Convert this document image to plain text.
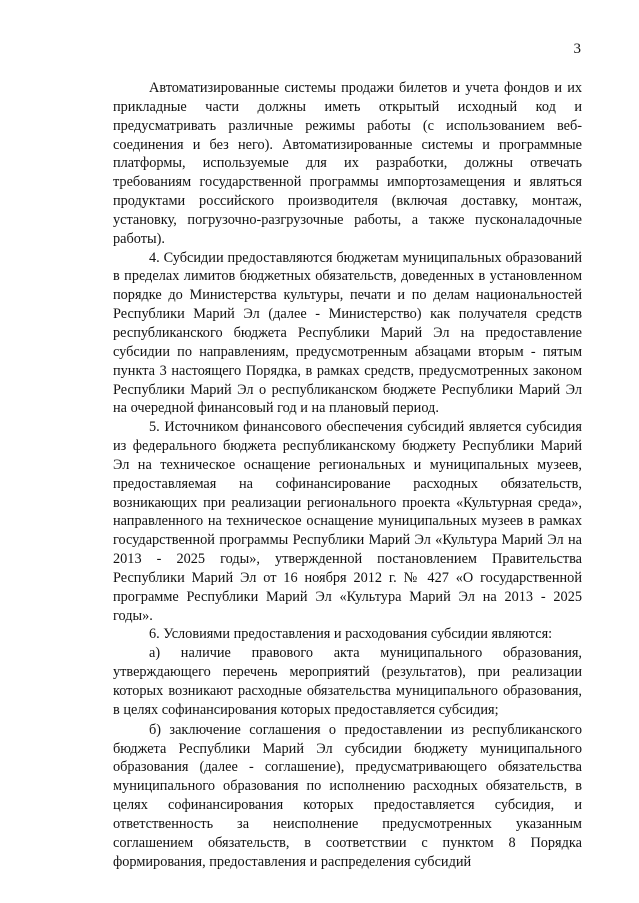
3

Автоматизированные системы продажи билетов и учета фондов и их прикладные части должны иметь открытый исходный код и предусматривать различные режимы работы (с использованием веб-соединения и без него). Автоматизированные системы и программные платформы, используемые для их разработки, должны отвечать требованиям государственной программы импортозамещения и являться продуктами российского производителя (включая доставку, монтаж, установку, погрузочно-разгрузочные работы, а также пусконаладочные работы).

4. Субсидии предоставляются бюджетам муниципальных образований в пределах лимитов бюджетных обязательств, доведенных в установленном порядке до Министерства культуры, печати и по делам национальностей Республики Марий Эл (далее - Министерство) как получателя средств республиканского бюджета Республики Марий Эл на предоставление субсидии по направлениям, предусмотренным абзацами вторым - пятым пункта 3 настоящего Порядка, в рамках средств, предусмотренных законом Республики Марий Эл о республиканском бюджете Республики Марий Эл на очередной финансовый год и на плановый период.

5. Источником финансового обеспечения субсидий является субсидия из федерального бюджета республиканскому бюджету Республики Марий Эл на техническое оснащение региональных и муниципальных музеев, предоставляемая на софинансирование расходных обязательств, возникающих при реализации регионального проекта «Культурная среда», направленного на техническое оснащение муниципальных музеев в рамках государственной программы Республики Марий Эл «Культура Марий Эл на 2013 - 2025 годы», утвержденной постановлением Правительства Республики Марий Эл от 16 ноября 2012 г. № 427 «О государственной программе Республики Марий Эл «Культура Марий Эл на 2013 - 2025 годы».

6. Условиями предоставления и расходования субсидии являются:

а) наличие правового акта муниципального образования, утверждающего перечень мероприятий (результатов), при реализации которых возникают расходные обязательства муниципального образования, в целях софинансирования которых предоставляется субсидия;

б) заключение соглашения о предоставлении из республиканского бюджета Республики Марий Эл субсидии бюджету муниципального образования (далее - соглашение), предусматривающего обязательства муниципального образования по исполнению расходных обязательств, в целях софинансирования которых предоставляется субсидия, и ответственность за неисполнение предусмотренных указанным соглашением обязательств, в соответствии с пунктом 8 Порядка формирования, предоставления и распределения субсидий
